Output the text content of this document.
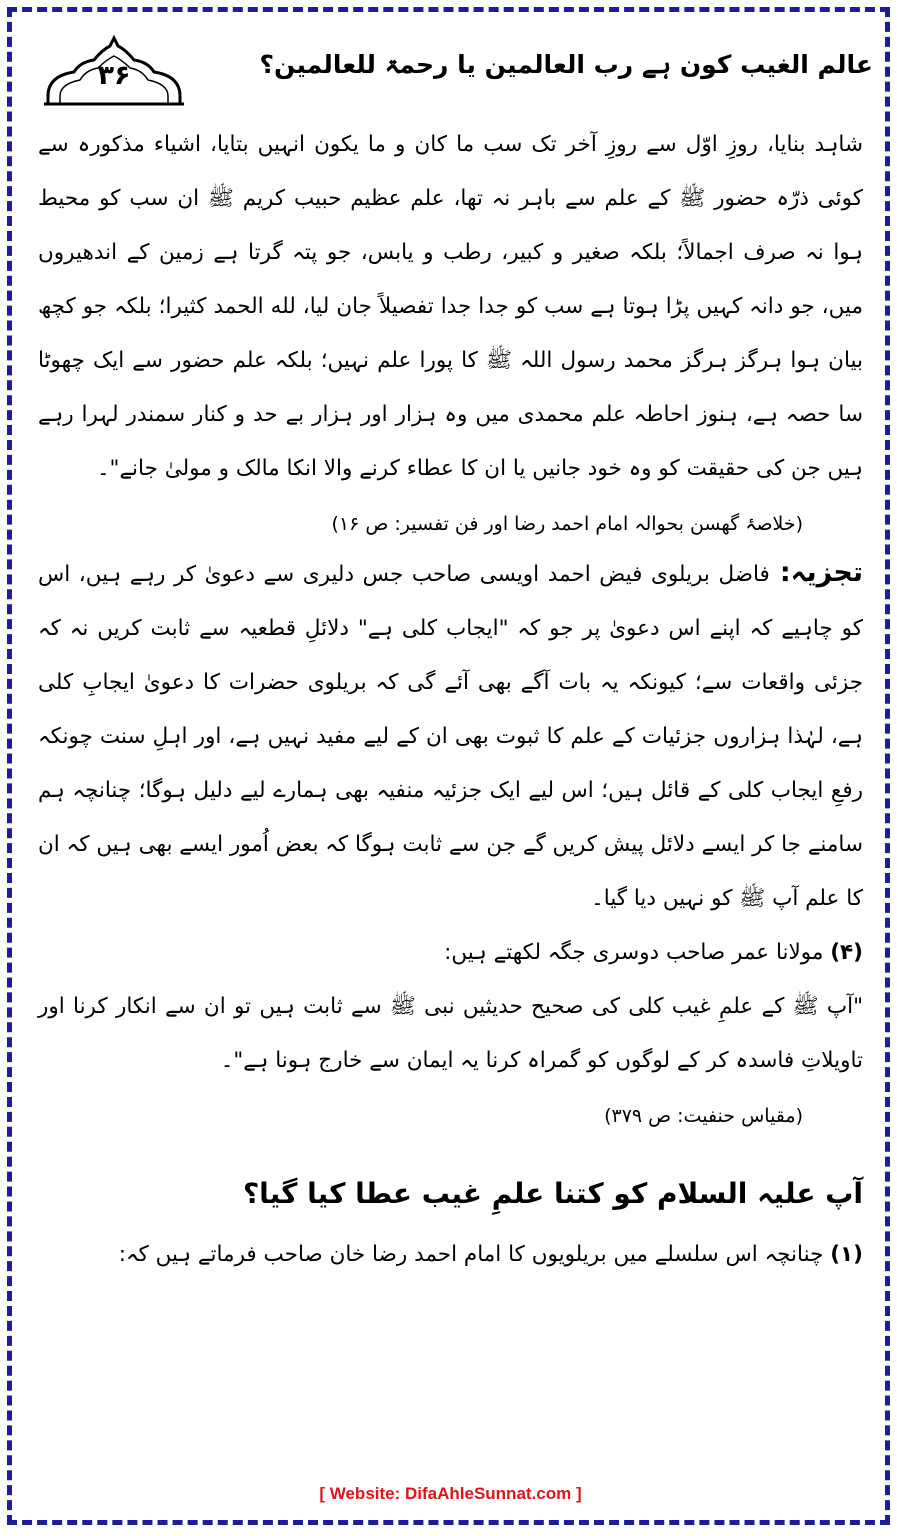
۳۶	عالم الغیب کون ہے رب العالمین یا رحمۃ للعالمین؟

شاہد بنایا، روزِ اوّل سے روزِ آخر تک سب ما کان و ما یکون انہیں بتایا، اشیاء مذکورہ سے کوئی ذرّہ حضور ﷺ کے علم سے باہر نہ تھا، علم عظیم حبیب کریم ﷺ ان سب کو محیط ہوا نہ صرف اجمالاً؛ بلکہ صغیر و کبیر، رطب و یابس، جو پتہ گرتا ہے زمین کے اندھیروں میں، جو دانہ کہیں پڑا ہوتا ہے سب کو جدا جدا تفصیلاً جان لیا، لله الحمد کثیرا؛ بلکہ جو کچھ بیان ہوا ہرگز ہرگز محمد رسول اللہ ﷺ کا پورا علم نہیں؛ بلکہ علم حضور سے ایک چھوٹا سا حصہ ہے، ہنوز احاطہ علم محمدی میں وہ ہزار اور ہزار بے حد و کنار سمندر لہرا رہے ہیں جن کی حقیقت کو وہ خود جانیں یا ان کا عطاء کرنے والا انکا مالک و مولیٰ جانے"۔

(خلاصۂ گھسن بحوالہ امام احمد رضا اور فن تفسیر: ص ۱۶)

تجزیہ:فاضل بریلوی فیض احمد اویسی صاحب جس دلیری سے دعویٰ کر رہے ہیں، اس کو چاہیے کہ اپنے اس دعویٰ پر جو کہ "ایجاب کلی ہے" دلائلِ قطعیہ سے ثابت کریں نہ کہ جزئی واقعات سے؛ کیونکہ یہ بات آگے بھی آئے گی کہ بریلوی حضرات کا دعویٰ ایجابِ کلی ہے، لہٰذا ہزاروں جزئیات کے علم کا ثبوت بھی ان کے لیے مفید نہیں ہے، اور اہلِ سنت چونکہ رفعِ ایجاب کلی کے قائل ہیں؛ اس لیے ایک جزئیہ منفیہ بھی ہمارے لیے دلیل ہوگا؛ چنانچہ ہم سامنے جا کر ایسے دلائل پیش کریں گے جن سے ثابت ہوگا کہ بعض اُمور ایسے بھی ہیں کہ ان کا علم آپ ﷺ کو نہیں دیا گیا۔

(۴) مولانا عمر صاحب دوسری جگہ لکھتے ہیں:

"آپ ﷺ کے علمِ غیب کلی کی صحیح حدیثیں نبی ﷺ سے ثابت ہیں تو ان سے انکار کرنا اور تاویلاتِ فاسدہ کر کے لوگوں کو گمراہ کرنا یہ ایمان سے خارج ہونا ہے"۔

(مقیاس حنفیت: ص ۳۷۹)

آپ علیہ السلام کو کتنا علمِ غیب عطا کیا گیا؟

(۱) چنانچہ اس سلسلے میں بریلویوں کا امام احمد رضا خان صاحب فرماتے ہیں کہ:

[ Website: DifaAhleSunnat.com ]
